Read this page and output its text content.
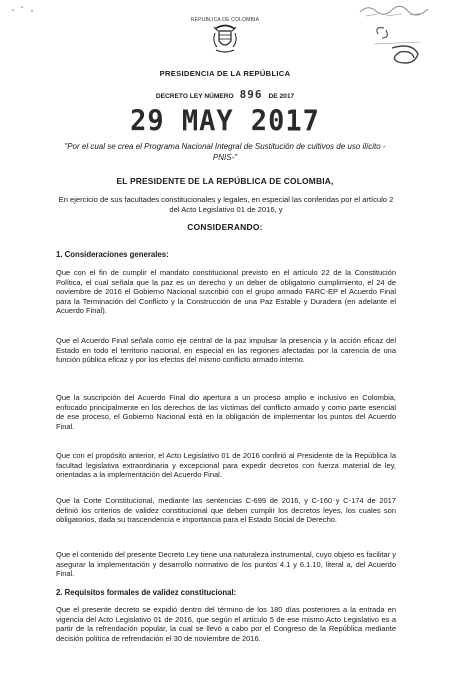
REPUBLICA DE COLOMBIA
PRESIDENCIA DE LA REPÚBLICA
DECRETO LEY NÚMERO 896 DE 2017
29 MAY 2017
"Por el cual se crea el Programa Nacional Integral de Sustitución de cultivos de uso ilícito -PNIS-"
EL PRESIDENTE DE LA REPÚBLICA DE COLOMBIA,
En ejercicio de sus facultades constitucionales y legales, en especial las conferidas por el artículo 2 del Acto Legislativo 01 de 2016, y
CONSIDERANDO:
1. Consideraciones generales:
Que con el fin de cumplir el mandato constitucional previsto en el artículo 22 de la Constitución Política, el cual señala que la paz es un derecho y un deber de obligatorio cumplimiento, el 24 de noviembre de 2016 el Gobierno Nacional suscribió con el grupo armado FARC-EP el Acuerdo Final para la Terminación del Conflicto y la Construcción de una Paz Estable y Duradera (en adelante el Acuerdo Final).
Que el Acuerdo Final señala como eje central de la paz impulsar la presencia y la acción eficaz del Estado en todo el territorio nacional, en especial en las regiones afectadas por la carencia de una función pública eficaz y por los efectos del mismo conflicto armado interno.
Que la suscripción del Acuerdo Final dio apertura a un proceso amplio e inclusivo en Colombia, enfocado principalmente en los derechos de las víctimas del conflicto armado y como parte esencial de ese proceso, el Gobierno Nacional está en la obligación de implementar los puntos del Acuerdo Final.
Que con el propósito anterior, el Acto Legislativo 01 de 2016 confirió al Presidente de la República la facultad legislativa extraordinaria y excepcional para expedir decretos con fuerza material de ley, orientadas a la implementación del Acuerdo Final.
Que la Corte Constitucional, mediante las sentencias C-699 de 2016, y C-160 y C-174 de 2017 definió los criterios de validez constitucional que deben cumplir los decretos leyes, los cuales son obligatorios, dada su trascendencia e importancia para el Estado Social de Derecho.
Que el contenido del presente Decreto Ley tiene una naturaleza instrumental, cuyo objeto es facilitar y asegurar la implementación y desarrollo normativo de los puntos 4.1 y 6.1.10, literal a, del Acuerdo Final.
2. Requisitos formales de validez constitucional:
Que el presente decreto se expidió dentro del término de los 180 días posteriores a la entrada en vigencia del Acto Legislativo 01 de 2016, que según el artículo 5 de ese mismo Acto Legislativo es a partir de la refrendación popular, la cual se llevó a cabo por el Congreso de la República mediante decisión política de refrendación el 30 de noviembre de 2016.
